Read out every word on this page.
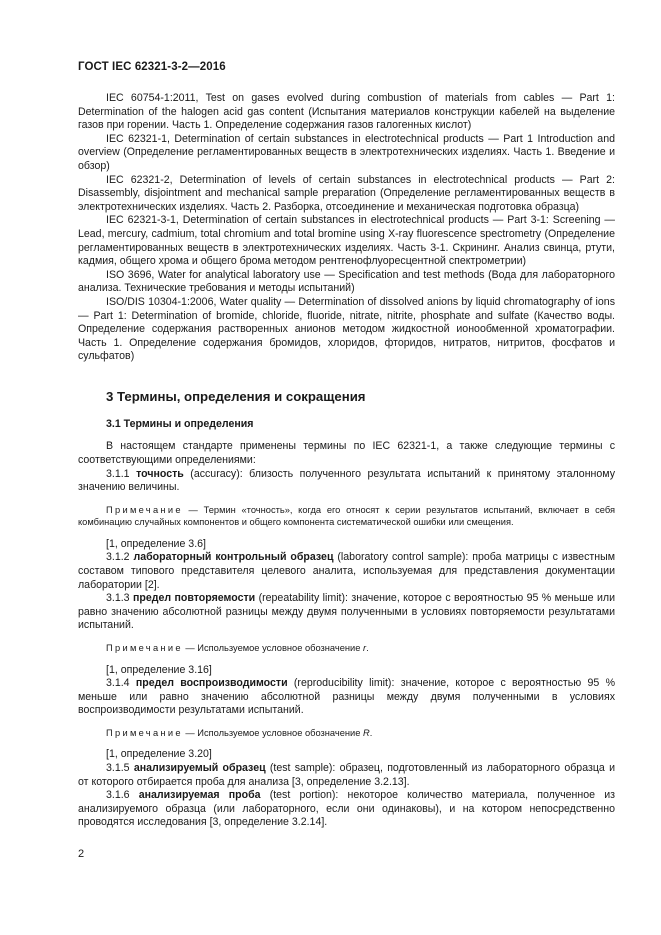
ГОСТ IEC 62321-3-2—2016

IEC 60754-1:2011, Test on gases evolved during combustion of materials from cables — Part 1: Determination of the halogen acid gas content (Испытания материалов конструкции кабелей на выделение газов при горении. Часть 1. Определение содержания газов галогенных кислот)

IEC 62321-1, Determination of certain substances in electrotechnical products — Part 1 Introduction and overview (Определение регламентированных веществ в электротехнических изделиях. Часть 1. Введение и обзор)

IEC 62321-2, Determination of levels of certain substances in electrotechnical products — Part 2: Disassembly, disjointment and mechanical sample preparation (Определение регламентированных веществ в электротехнических изделиях. Часть 2. Разборка, отсоединение и механическая подготовка образца)

IEC 62321-3-1, Determination of certain substances in electrotechnical products — Part 3-1: Screening — Lead, mercury, cadmium, total chromium and total bromine using X-ray fluorescence spectrometry (Определение регламентированных веществ в электротехнических изделиях. Часть 3-1. Скрининг. Анализ свинца, ртути, кадмия, общего хрома и общего брома методом рентгенофлуоресцентной спектрометрии)

ISO 3696, Water for analytical laboratory use — Specification and test methods (Вода для лабораторного анализа. Технические требования и методы испытаний)

ISO/DIS 10304-1:2006, Water quality — Determination of dissolved anions by liquid chromatography of ions — Part 1: Determination of bromide, chloride, fluoride, nitrate, nitrite, phosphate and sulfate (Качество воды. Определение содержания растворенных анионов методом жидкостной ионообменной хроматографии. Часть 1. Определение содержания бромидов, хлоридов, фторидов, нитратов, нитритов, фосфатов и сульфатов)

3 Термины, определения и сокращения
3.1 Термины и определения

В настоящем стандарте применены термины по IEC 62321-1, а также следующие термины с соответствующими определениями:

3.1.1 точность (accuracy): близость полученного результата испытаний к принятому эталонному значению величины.

Примечание — Термин «точность», когда его относят к серии результатов испытаний, включает в себя комбинацию случайных компонентов и общего компонента систематической ошибки или смещения.

[1, определение 3.6]

3.1.2 лабораторный контрольный образец (laboratory control sample): проба матрицы с известным составом типового представителя целевого аналита, используемая для представления документации лаборатории [2].

3.1.3 предел повторяемости (repeatability limit): значение, которое с вероятностью 95 % меньше или равно значению абсолютной разницы между двумя полученными в условиях повторяемости результатами испытаний.

Примечание — Используемое условное обозначение r.

[1, определение 3.16]

3.1.4 предел воспроизводимости (reproducibility limit): значение, которое с вероятностью 95 % меньше или равно значению абсолютной разницы между двумя полученными в условиях воспроизводимости результатами испытаний.

Примечание — Используемое условное обозначение R.

[1, определение 3.20]

3.1.5 анализируемый образец (test sample): образец, подготовленный из лабораторного образца и от которого отбирается проба для анализа [3, определение 3.2.13].

3.1.6 анализируемая проба (test portion): некоторое количество материала, полученное из анализируемого образца (или лабораторного, если они одинаковы), и на котором непосредственно проводятся исследования [3, определение 3.2.14].

2
